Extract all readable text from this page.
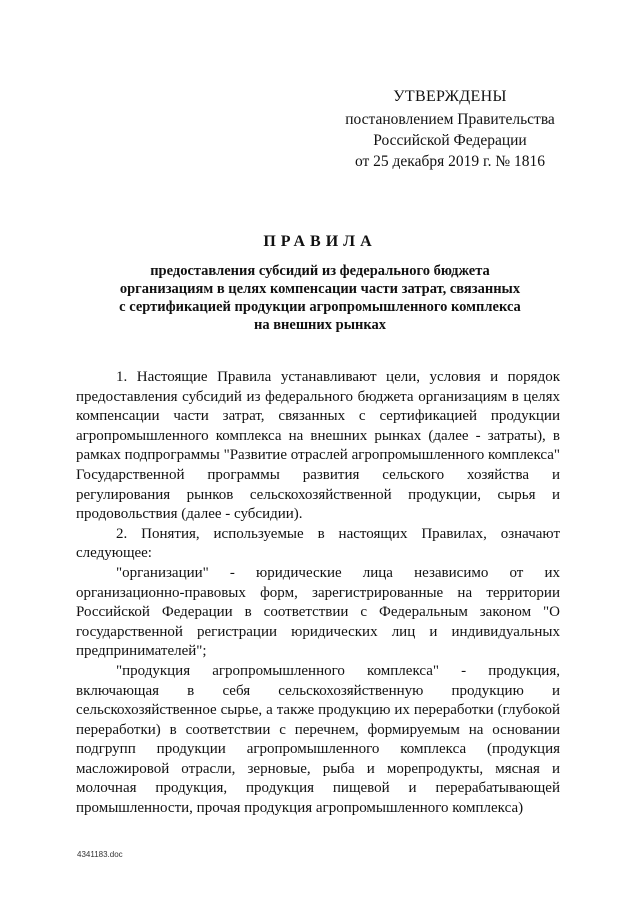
УТВЕРЖДЕНЫ
постановлением Правительства
Российской Федерации
от 25 декабря 2019 г. № 1816
ПРАВИЛА
предоставления субсидий из федерального бюджета
организациям в целях компенсации части затрат, связанных
с сертификацией продукции агропромышленного комплекса
на внешних рынках

1. Настоящие Правила устанавливают цели, условия и порядок предоставления субсидий из федерального бюджета организациям в целях компенсации части затрат, связанных с сертификацией продукции агропромышленного комплекса на внешних рынках (далее - затраты), в рамках подпрограммы "Развитие отраслей агропромышленного комплекса" Государственной программы развития сельского хозяйства и регулирования рынков сельскохозяйственной продукции, сырья и продовольствия (далее - субсидии).

2. Понятия, используемые в настоящих Правилах, означают следующее:

"организации" - юридические лица независимо от их организационно-правовых форм, зарегистрированные на территории Российской Федерации в соответствии с Федеральным законом "О государственной регистрации юридических лиц и индивидуальных предпринимателей";

"продукция агропромышленного комплекса" - продукция, включающая в себя сельскохозяйственную продукцию и сельскохозяйственное сырье, а также продукцию их переработки (глубокой переработки) в соответствии с перечнем, формируемым на основании подгрупп продукции агропромышленного комплекса (продукция масложировой отрасли, зерновые, рыба и морепродукты, мясная и молочная продукция, продукция пищевой и перерабатывающей промышленности, прочая продукция агропромышленного комплекса)

4341183.doc
